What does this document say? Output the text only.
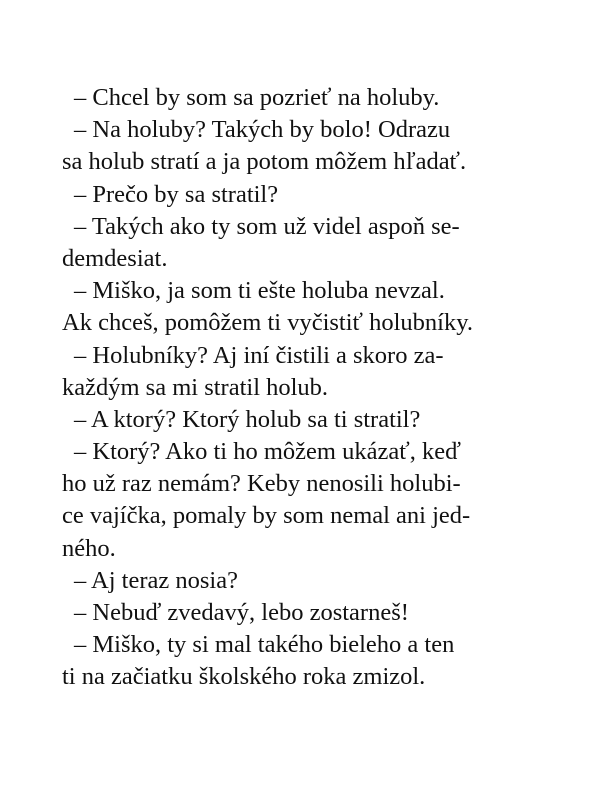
– Chcel by som sa pozrieť na holuby.
– Na holuby? Takých by bolo! Odrazu
sa holub stratí a ja potom môžem hľadať.
– Prečo by sa stratil?
– Takých ako ty som už videl aspoň se-
demdesiat.
– Miško, ja som ti ešte holuba nevzal.
Ak chceš, pomôžem ti vyčistiť holubníky.
– Holubníky? Aj iní čistili a skoro za-
každým sa mi stratil holub.
– A ktorý? Ktorý holub sa ti stratil?
– Ktorý? Ako ti ho môžem ukázať, keď
ho už raz nemám? Keby nenosili holubi-
ce vajíčka, pomaly by som nemal ani jed-
ného.
– Aj teraz nosia?
– Nebuď zvedavý, lebo zostarneš!
– Miško, ty si mal takého bieleho a ten
ti na začiatku školského roka zmizol.
